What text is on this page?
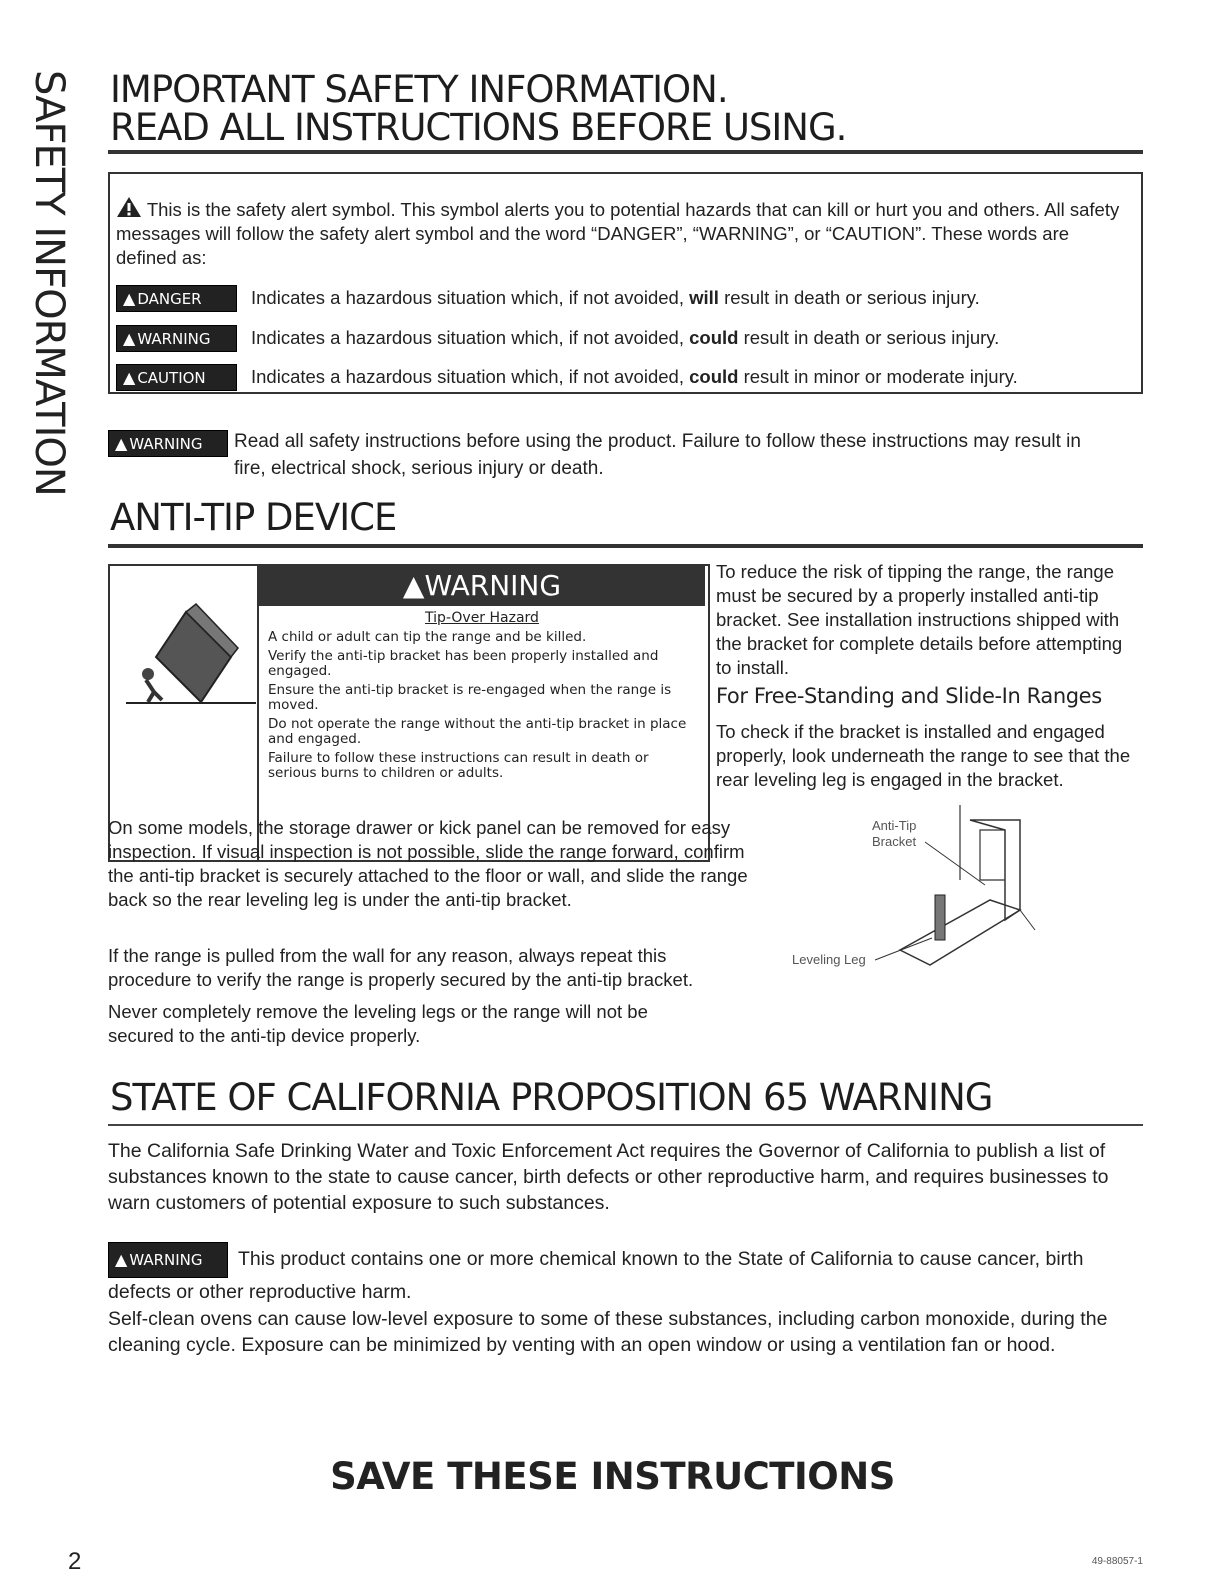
SAFETY INFORMATION IMPORTANT SAFETY INFORMATION.
READ ALL INSTRUCTIONS BEFORE USING.
This is the safety alert symbol. This symbol alerts you to potential hazards that can kill or hurt you and others. All safety messages will follow the safety alert symbol and the word “DANGER”, “WARNING”, or “CAUTION”. These words are defined as:
▲ DANGER	Indicates a hazardous situation which, if not avoided, will result in death or serious injury.
▲ WARNING	Indicates a hazardous situation which, if not avoided, could result in death or serious injury.
▲ CAUTION	Indicates a hazardous situation which, if not avoided, could result in minor or moderate injury.
▲ WARNING	Read all safety instructions before using the product. Failure to follow these instructions may result in fire, electrical shock, serious injury or death.
ANTI-TIP DEVICE
▲WARNING
Tip-Over Hazard

A child or adult can tip the range and be killed.

Verify the anti-tip bracket has been properly installed and engaged.

Ensure the anti-tip bracket is re-engaged when the range is moved.

Do not operate the range without the anti-tip bracket in place and engaged.

Failure to follow these instructions can result in death or serious burns to children or adults.

To reduce the risk of tipping the range, the range must be secured by a properly installed anti-tip bracket. See installation instructions shipped with the bracket for complete details before attempting to install.
For Free-Standing and Slide-In Ranges
To check if the bracket is installed and engaged properly, look underneath the range to see that the rear leveling leg is engaged in the bracket.
On some models, the storage drawer or kick panel can be removed for easy inspection. If visual inspection is not possible, slide the range forward, confirm the anti-tip bracket is securely attached to the floor or wall, and slide the range back so the rear leveling leg is under the anti-tip bracket.
If the range is pulled from the wall for any reason, always repeat this procedure to verify the range is properly secured by the anti-tip bracket.
Never completely remove the leveling legs or the range will not be secured to the anti-tip device properly.
Anti-Tip
Bracket
Leveling Leg
STATE OF CALIFORNIA PROPOSITION 65 WARNING
The California Safe Drinking Water and Toxic Enforcement Act requires the Governor of California to publish a list of substances known to the state to cause cancer, birth defects or other reproductive harm, and requires businesses to warn customers of potential exposure to such substances.
▲ WARNING This product contains one or more chemical known to the State of California to cause cancer, birth defects or other reproductive harm.
Self-clean ovens can cause low-level exposure to some of these substances, including carbon monoxide, during the cleaning cycle. Exposure can be minimized by venting with an open window or using a ventilation fan or hood.
SAVE THESE INSTRUCTIONS
2	49-88057-1
